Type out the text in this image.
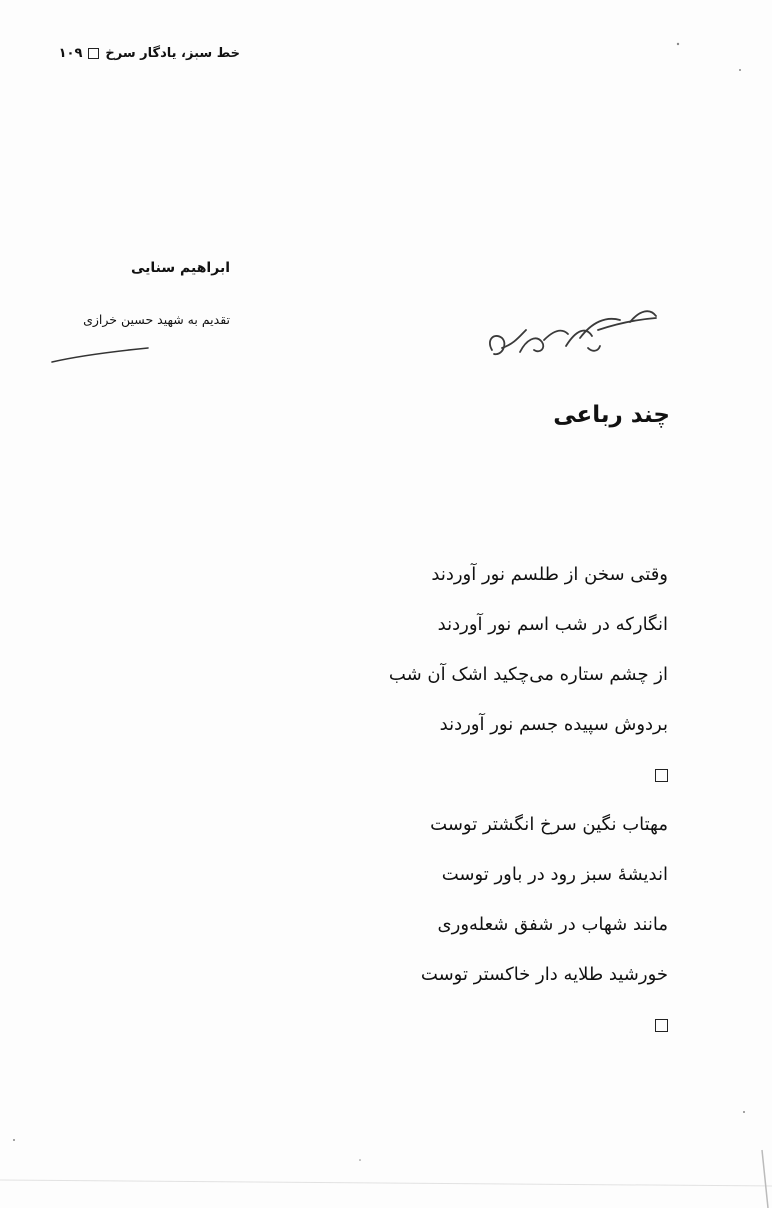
خط سبز، یادگار سرخ۱۰۹
ابراهیم سنایی
تقدیم به شهید حسین خرازی
چند رباعی
وقتی سخن از طلسم نور آوردند
انگارکه در شب اسم نور آوردند
از چشم ستاره می‌چکید اشک آن شب
بردوش سپیده جسم نور آوردند
مهتاب نگین سرخ انگشتر توست
اندیشهٔ سبز رود در باور توست
مانند شهاب در شفق شعله‌وری
خورشید طلایه دار خاکستر توست
